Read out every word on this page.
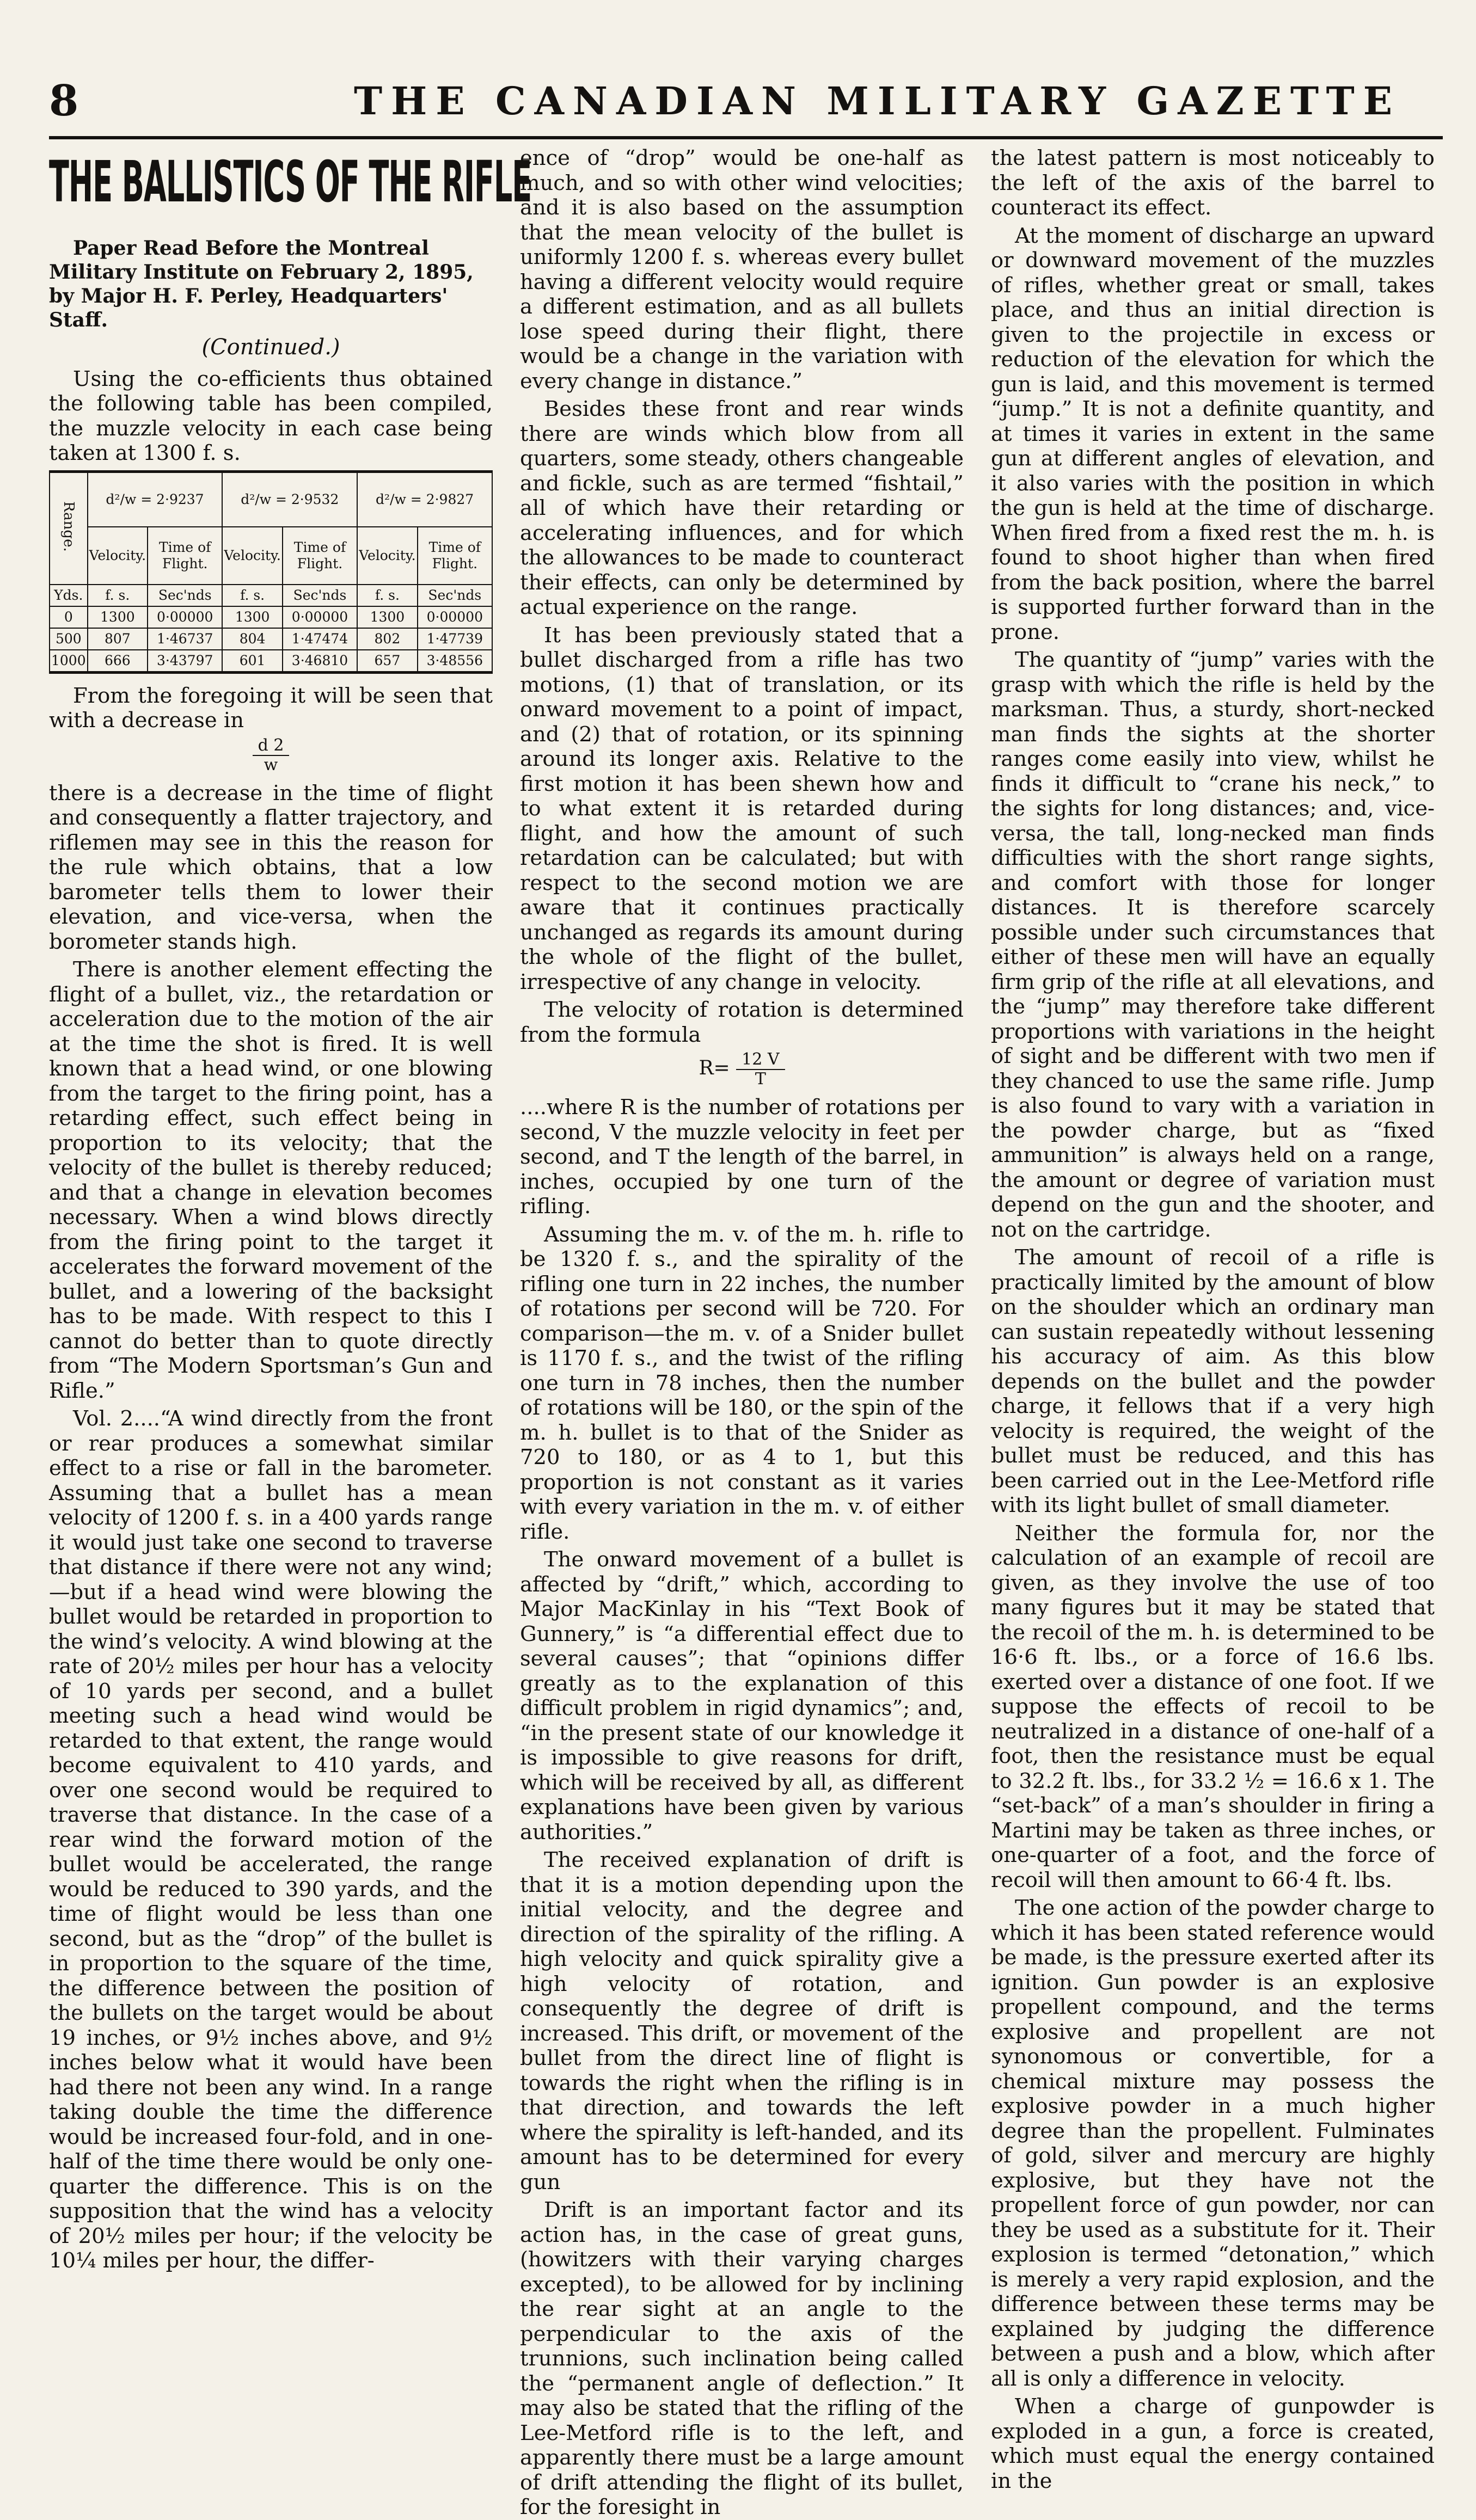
8	THE CANADIAN MILITARY GAZETTE
THE BALLISTICS OF THE RIFLE

Paper Read Before the Montreal Military Institute on February 2, 1895, by Major H. F. Perley, Headquarters' Staff.

(Continued.)

Using the co-efficients thus obtained the following table has been compiled, the muzzle velocity in each case being taken at 1300 f. s.

Range.	d²/w = 2·9237		d²/w = 2·9532		d²/w = 2·9827	
	Velocity.	Time of Flight.	Velocity.	Time of Flight.	Velocity.	Time of Flight.
Yds.	f. s.	Sec'nds	f. s.	Sec'nds	f. s.	Sec'nds
0	1300	0·00000	1300	0·00000	1300	0·00000
500	807	1·46737	804	1·47474	802	1·47739
1000	666	3·43797	601	3·46810	657	3·48556

From the foregoing it will be seen that with a decrease in

$\frac{d 2}{w}$

there is a decrease in the time of flight and consequently a flatter trajectory, and riflemen may see in this the reason for the rule which obtains, that a low barometer tells them to lower their elevation, and vice-versa, when the borometer stands high.

There is another element effecting the flight of a bullet, viz., the retardation or acceleration due to the motion of the air at the time the shot is fired. It is well known that a head wind, or one blowing from the target to the firing point, has a retarding effect, such effect being in proportion to its velocity; that the velocity of the bullet is thereby reduced; and that a change in elevation becomes necessary. When a wind blows directly from the firing point to the target it accelerates the forward movement of the bullet, and a lowering of the backsight has to be made. With respect to this I cannot do better than to quote directly from “The Modern Sportsman’s Gun and Rifle.”

Vol. 2....“A wind directly from the front or rear produces a somewhat similar effect to a rise or fall in the barometer. Assuming that a bullet has a mean velocity of 1200 f. s. in a 400 yards range it would just take one second to traverse that distance if there were not any wind;—but if a head wind were blowing the bullet would be retarded in proportion to the wind’s velocity. A wind blowing at the rate of 20½ miles per hour has a velocity of 10 yards per second, and a bullet meeting such a head wind would be retarded to that extent, the range would become equivalent to 410 yards, and over one second would be required to traverse that distance. In the case of a rear wind the forward motion of the bullet would be accelerated, the range would be reduced to 390 yards, and the time of flight would be less than one second, but as the “drop” of the bullet is in proportion to the square of the time, the difference between the position of the bullets on the target would be about 19 inches, or 9½ inches above, and 9½ inches below what it would have been had there not been any wind. In a range taking double the time the difference would be increased four-fold, and in one-half of the time there would be only one-quarter the difference. This is on the supposition that the wind has a velocity of 20½ miles per hour; if the velocity be 10¼ miles per hour, the differ-

ence of “drop” would be one-half as much, and so with other wind velocities; and it is also based on the assumption that the mean velocity of the bullet is uniformly 1200 f. s. whereas every bullet having a different velocity would require a different estimation, and as all bullets lose speed during their flight, there would be a change in the variation with every change in distance.”

Besides these front and rear winds there are winds which blow from all quarters, some steady, others changeable and fickle, such as are termed “fishtail,” all of which have their retarding or accelerating influences, and for which the allowances to be made to counteract their effects, can only be determined by actual experience on the range.

It has been previously stated that a bullet discharged from a rifle has two motions, (1) that of translation, or its onward movement to a point of impact, and (2) that of rotation, or its spinning around its longer axis. Relative to the first motion it has been shewn how and to what extent it is retarded during flight, and how the amount of such retardation can be calculated; but with respect to the second motion we are aware that it continues practically unchanged as regards its amount during the whole of the flight of the bullet, irrespective of any change in velocity.

The velocity of rotation is determined from the formula

$R= \frac{12 V}{T}$

....where R is the number of rotations per second, V the muzzle velocity in feet per second, and T the length of the barrel, in inches, occupied by one turn of the rifling.

Assuming the m. v. of the m. h. rifle to be 1320 f. s., and the spirality of the rifling one turn in 22 inches, the number of rotations per second will be 720. For comparison—the m. v. of a Snider bullet is 1170 f. s., and the twist of the rifling one turn in 78 inches, then the number of rotations will be 180, or the spin of the m. h. bullet is to that of the Snider as 720 to 180, or as 4 to 1, but this proportion is not constant as it varies with every variation in the m. v. of either rifle.

The onward movement of a bullet is affected by “drift,” which, according to Major MacKinlay in his “Text Book of Gunnery,” is “a differential effect due to several causes”; that “opinions differ greatly as to the explanation of this difficult problem in rigid dynamics”; and, “in the present state of our knowledge it is impossible to give reasons for drift, which will be received by all, as different explanations have been given by various authorities.”

The received explanation of drift is that it is a motion depending upon the initial velocity, and the degree and direction of the spirality of the rifling. A high velocity and quick spirality give a high velocity of rotation, and consequently the degree of drift is increased. This drift, or movement of the bullet from the direct line of flight is towards the right when the rifling is in that direction, and towards the left where the spirality is left-handed, and its amount has to be determined for every gun

Drift is an important factor and its action has, in the case of great guns, (howitzers with their varying charges excepted), to be allowed for by inclining the rear sight at an angle to the perpendicular to the axis of the trunnions, such inclination being called the “permanent angle of deflection.” It may also be stated that the rifling of the Lee-Metford rifle is to the left, and apparently there must be a large amount of drift attending the flight of its bullet, for the foresight in

the latest pattern is most noticeably to the left of the axis of the barrel to counteract its effect.

At the moment of discharge an upward or downward movement of the muzzles of rifles, whether great or small, takes place, and thus an initial direction is given to the projectile in excess or reduction of the elevation for which the gun is laid, and this movement is termed “jump.” It is not a definite quantity, and at times it varies in extent in the same gun at different angles of elevation, and it also varies with the position in which the gun is held at the time of discharge. When fired from a fixed rest the m. h. is found to shoot higher than when fired from the back position, where the barrel is supported further forward than in the prone.

The quantity of “jump” varies with the grasp with which the rifle is held by the marksman. Thus, a sturdy, short-necked man finds the sights at the shorter ranges come easily into view, whilst he finds it difficult to “crane his neck,” to the sights for long distances; and, vice-versa, the tall, long-necked man finds difficulties with the short range sights, and comfort with those for longer distances. It is therefore scarcely possible under such circumstances that either of these men will have an equally firm grip of the rifle at all elevations, and the “jump” may therefore take different proportions with variations in the height of sight and be different with two men if they chanced to use the same rifle. Jump is also found to vary with a variation in the powder charge, but as “fixed ammunition” is always held on a range, the amount or degree of variation must depend on the gun and the shooter, and not on the cartridge.

The amount of recoil of a rifle is practically limited by the amount of blow on the shoulder which an ordinary man can sustain repeatedly without lessening his accuracy of aim. As this blow depends on the bullet and the powder charge, it fellows that if a very high velocity is required, the weight of the bullet must be reduced, and this has been carried out in the Lee-Metford rifle with its light bullet of small diameter.

Neither the formula for, nor the calculation of an example of recoil are given, as they involve the use of too many figures but it may be stated that the recoil of the m. h. is determined to be 16·6 ft. lbs., or a force of 16.6 lbs. exerted over a distance of one foot. If we suppose the effects of recoil to be neutralized in a distance of one-half of a foot, then the resistance must be equal to 32.2 ft. lbs., for 33.2 ½ = 16.6 x 1. The “set-back” of a man’s shoulder in firing a Martini may be taken as three inches, or one-quarter of a foot, and the force of recoil will then amount to 66·4 ft. lbs.

The one action of the powder charge to which it has been stated reference would be made, is the pressure exerted after its ignition. Gun powder is an explosive propellent compound, and the terms explosive and propellent are not synonomous or convertible, for a chemical mixture may possess the explosive powder in a much higher degree than the propellent. Fulminates of gold, silver and mercury are highly explosive, but they have not the propellent force of gun powder, nor can they be used as a substitute for it. Their explosion is termed “detonation,” which is merely a very rapid explosion, and the difference between these terms may be explained by judging the difference between a push and a blow, which after all is only a difference in velocity.

When a charge of gunpowder is exploded in a gun, a force is created, which must equal the energy contained in the
